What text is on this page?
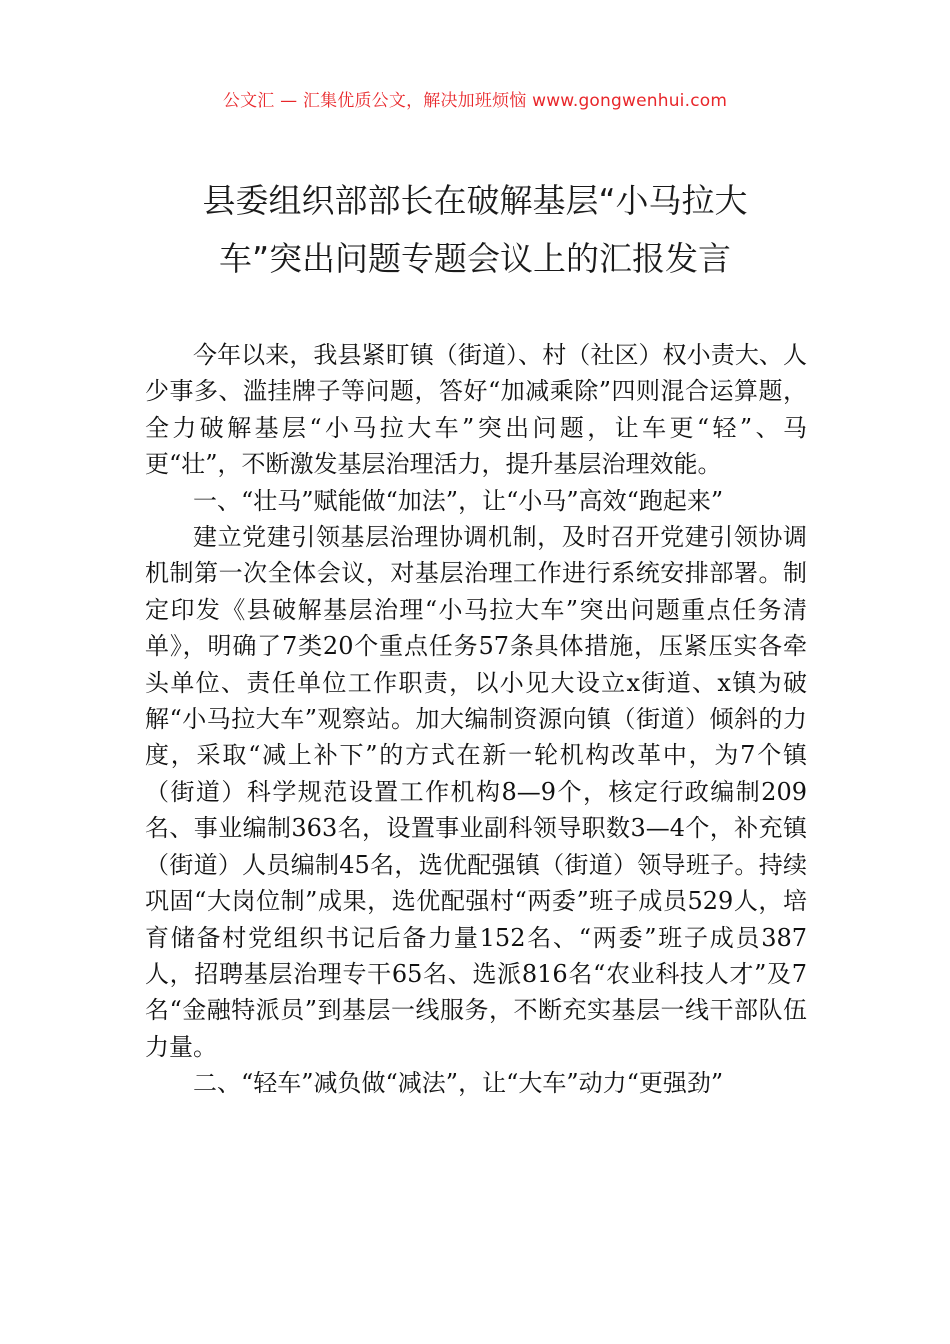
公文汇 — 汇集优质公文，解决加班烦恼 www.gongwenhui.com
县委组织部部长在破解基层“小马拉大
车”突出问题专题会议上的汇报发言

今年以来，我县紧盯镇（街道）、村（社区）权小责大、人少事多、滥挂牌子等问题，答好“加减乘除”四则混合运算题，全力破解基层“小马拉大车”突出问题，让车更“轻”、马更“壮”，不断激发基层治理活力，提升基层治理效能。

一、“壮马”赋能做“加法”，让“小马”高效“跑起来”

建立党建引领基层治理协调机制，及时召开党建引领协调机制第一次全体会议，对基层治理工作进行系统安排部署。制定印发《县破解基层治理“小马拉大车”突出问题重点任务清单》，明确了7类20个重点任务57条具体措施，压紧压实各牵头单位、责任单位工作职责，以小见大设立x街道、x镇为破解“小马拉大车”观察站。加大编制资源向镇（街道）倾斜的力度，采取“减上补下”的方式在新一轮机构改革中，为7个镇（街道）科学规范设置工作机构8—9个，核定行政编制209名、事业编制363名，设置事业副科领导职数3—4个，补充镇（街道）人员编制45名，选优配强镇（街道）领导班子。持续巩固“大岗位制”成果，选优配强村“两委”班子成员529人，培育储备村党组织书记后备力量152名、“两委”班子成员387人，招聘基层治理专干65名、选派816名“农业科技人才”及7名“金融特派员”到基层一线服务，不断充实基层一线干部队伍力量。

二、“轻车”减负做“减法”，让“大车”动力“更强劲”
